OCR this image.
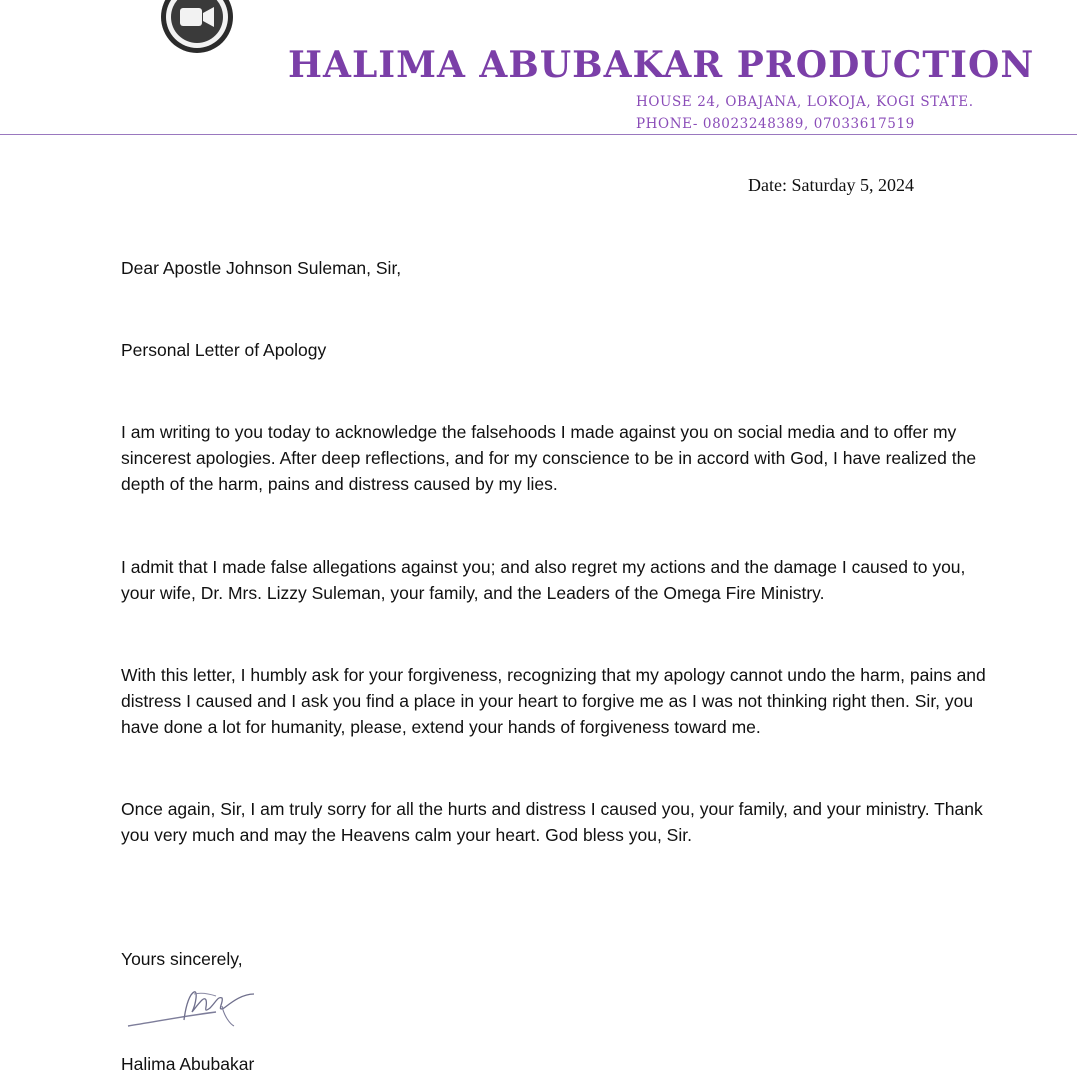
HALIMA ABUBAKAR PRODUCTION
HOUSE 24, OBAJANA, LOKOJA, KOGI STATE.
PHONE- 08023248389, 07033617519
Date: Saturday 5, 2024
Dear Apostle Johnson Suleman, Sir,
Personal Letter of Apology
I am writing to you today to acknowledge the falsehoods I made against you on social media and to offer my sincerest apologies. After deep reflections, and for my conscience to be in accord with God, I have realized the depth of the harm, pains and distress caused by my lies.
I admit that I made false allegations against you; and also regret my actions and the damage I caused to you, your wife, Dr. Mrs. Lizzy Suleman, your family, and the Leaders of the Omega Fire Ministry.
With this letter, I humbly ask for your forgiveness, recognizing that my apology cannot undo the harm, pains and distress I caused and I ask you find a place in your heart to forgive me as I was not thinking right then. Sir, you have done a lot for humanity, please, extend your hands of forgiveness toward me.
Once again, Sir, I am truly sorry for all the hurts and distress I caused you, your family, and your ministry. Thank you very much and may the Heavens calm your heart. God bless you, Sir.
Yours sincerely,
Halima Abubakar
